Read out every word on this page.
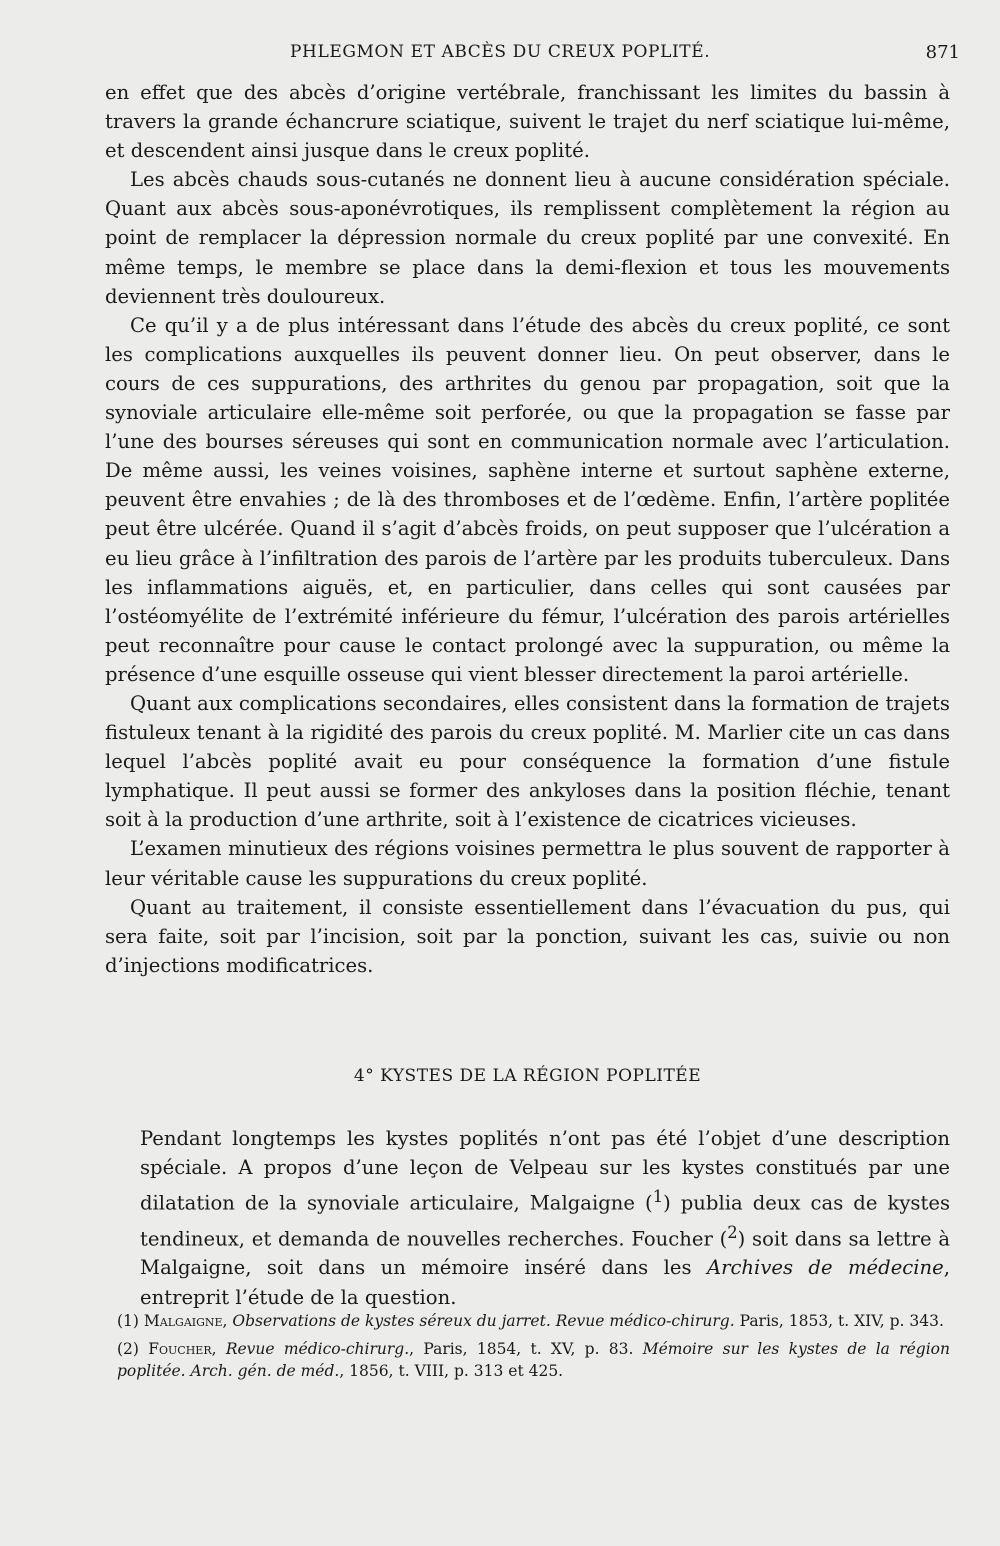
PHLEGMON ET ABCÈS DU CREUX POPLITÉ.	871

en effet que des abcès d’origine vertébrale, franchissant les limites du bassin à travers la grande échancrure sciatique, suivent le trajet du nerf sciatique lui-même, et descendent ainsi jusque dans le creux poplité.

Les abcès chauds sous-cutanés ne donnent lieu à aucune considération spéciale. Quant aux abcès sous-aponévrotiques, ils remplissent complètement la région au point de remplacer la dépression normale du creux poplité par une convexité. En même temps, le membre se place dans la demi-flexion et tous les mouvements deviennent très douloureux.

Ce qu’il y a de plus intéressant dans l’étude des abcès du creux poplité, ce sont les complications auxquelles ils peuvent donner lieu. On peut observer, dans le cours de ces suppurations, des arthrites du genou par propagation, soit que la synoviale articulaire elle-même soit perforée, ou que la propagation se fasse par l’une des bourses séreuses qui sont en communication normale avec l’articulation. De même aussi, les veines voisines, saphène interne et surtout saphène externe, peuvent être envahies ; de là des thromboses et de l’œdème. Enfin, l’artère poplitée peut être ulcérée. Quand il s’agit d’abcès froids, on peut supposer que l’ulcération a eu lieu grâce à l’infiltration des parois de l’artère par les produits tuberculeux. Dans les inflammations aiguës, et, en particulier, dans celles qui sont causées par l’ostéomyélite de l’extrémité inférieure du fémur, l’ulcération des parois artérielles peut reconnaître pour cause le contact prolongé avec la suppuration, ou même la présence d’une esquille osseuse qui vient blesser directement la paroi artérielle.

Quant aux complications secondaires, elles consistent dans la formation de trajets fistuleux tenant à la rigidité des parois du creux poplité. M. Marlier cite un cas dans lequel l’abcès poplité avait eu pour conséquence la formation d’une fistule lymphatique. Il peut aussi se former des ankyloses dans la position fléchie, tenant soit à la production d’une arthrite, soit à l’existence de cicatrices vicieuses.

L’examen minutieux des régions voisines permettra le plus souvent de rapporter à leur véritable cause les suppurations du creux poplité.

Quant au traitement, il consiste essentiellement dans l’évacuation du pus, qui sera faite, soit par l’incision, soit par la ponction, suivant les cas, suivie ou non d’injections modificatrices.

4° KYSTES DE LA RÉGION POPLITÉE

Pendant longtemps les kystes poplités n’ont pas été l’objet d’une description spéciale. A propos d’une leçon de Velpeau sur les kystes constitués par une dilatation de la synoviale articulaire, Malgaigne ($^1$) publia deux cas de kystes tendineux, et demanda de nouvelles recherches. Foucher ($^2$) soit dans sa lettre à Malgaigne, soit dans un mémoire inséré dans les Archives de médecine, entreprit l’étude de la question.

(1) Malgaigne, Observations de kystes séreux du jarret. Revue médico-chirurg. Paris, 1853, t. XIV, p. 343.

(2) Foucher, Revue médico-chirurg., Paris, 1854, t. XV, p. 83. Mémoire sur les kystes de la région poplitée. Arch. gén. de méd., 1856, t. VIII, p. 313 et 425.
